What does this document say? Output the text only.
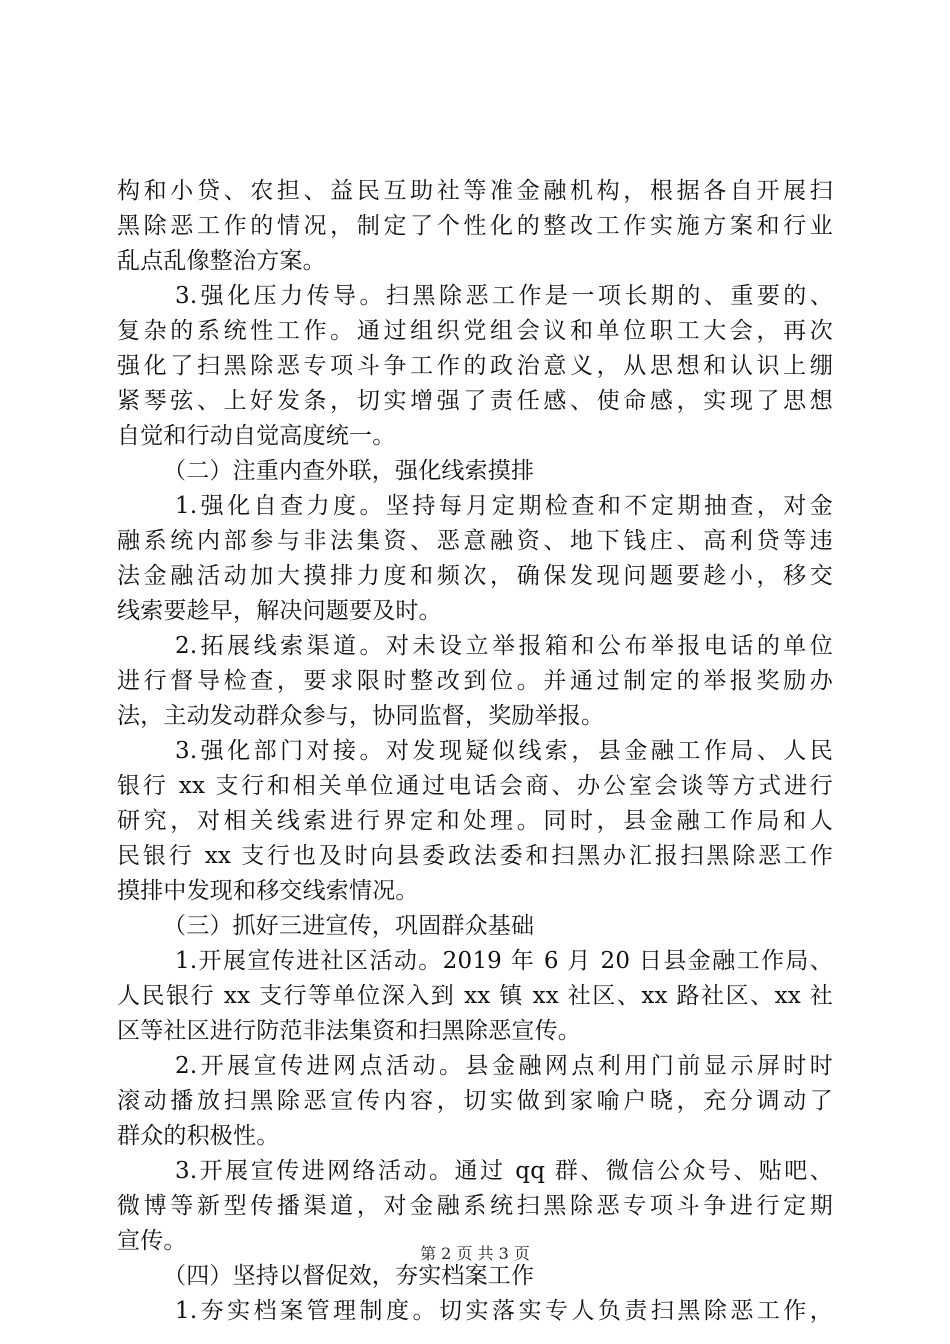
构和小贷、农担、益民互助社等准金融机构，根据各自开展扫
黑除恶工作的情况，制定了个性化的整改工作实施方案和行业
乱点乱像整治方案。
3.强化压力传导。扫黑除恶工作是一项长期的、重要的、
复杂的系统性工作。通过组织党组会议和单位职工大会，再次
强化了扫黑除恶专项斗争工作的政治意义，从思想和认识上绷
紧琴弦、上好发条，切实增强了责任感、使命感，实现了思想
自觉和行动自觉高度统一。
（二）注重内查外联，强化线索摸排
1.强化自查力度。坚持每月定期检查和不定期抽查，对金
融系统内部参与非法集资、恶意融资、地下钱庄、高利贷等违
法金融活动加大摸排力度和频次，确保发现问题要趁小，移交
线索要趁早，解决问题要及时。
2.拓展线索渠道。对未设立举报箱和公布举报电话的单位
进行督导检查，要求限时整改到位。并通过制定的举报奖励办
法，主动发动群众参与，协同监督，奖励举报。
3.强化部门对接。对发现疑似线索，县金融工作局、人民
银行 xx 支行和相关单位通过电话会商、办公室会谈等方式进行
研究，对相关线索进行界定和处理。同时，县金融工作局和人
民银行 xx 支行也及时向县委政法委和扫黑办汇报扫黑除恶工作
摸排中发现和移交线索情况。
（三）抓好三进宣传，巩固群众基础
1.开展宣传进社区活动。2019 年 6 月 20 日县金融工作局、
人民银行 xx 支行等单位深入到 xx 镇 xx 社区、xx 路社区、xx 社
区等社区进行防范非法集资和扫黑除恶宣传。
2.开展宣传进网点活动。县金融网点利用门前显示屏时时
滚动播放扫黑除恶宣传内容，切实做到家喻户晓，充分调动了
群众的积极性。
3.开展宣传进网络活动。通过 qq 群、微信公众号、贴吧、
微博等新型传播渠道，对金融系统扫黑除恶专项斗争进行定期
宣传。
（四）坚持以督促效，夯实档案工作
1.夯实档案管理制度。切实落实专人负责扫黑除恶工作，
第 2 页 共 3 页
